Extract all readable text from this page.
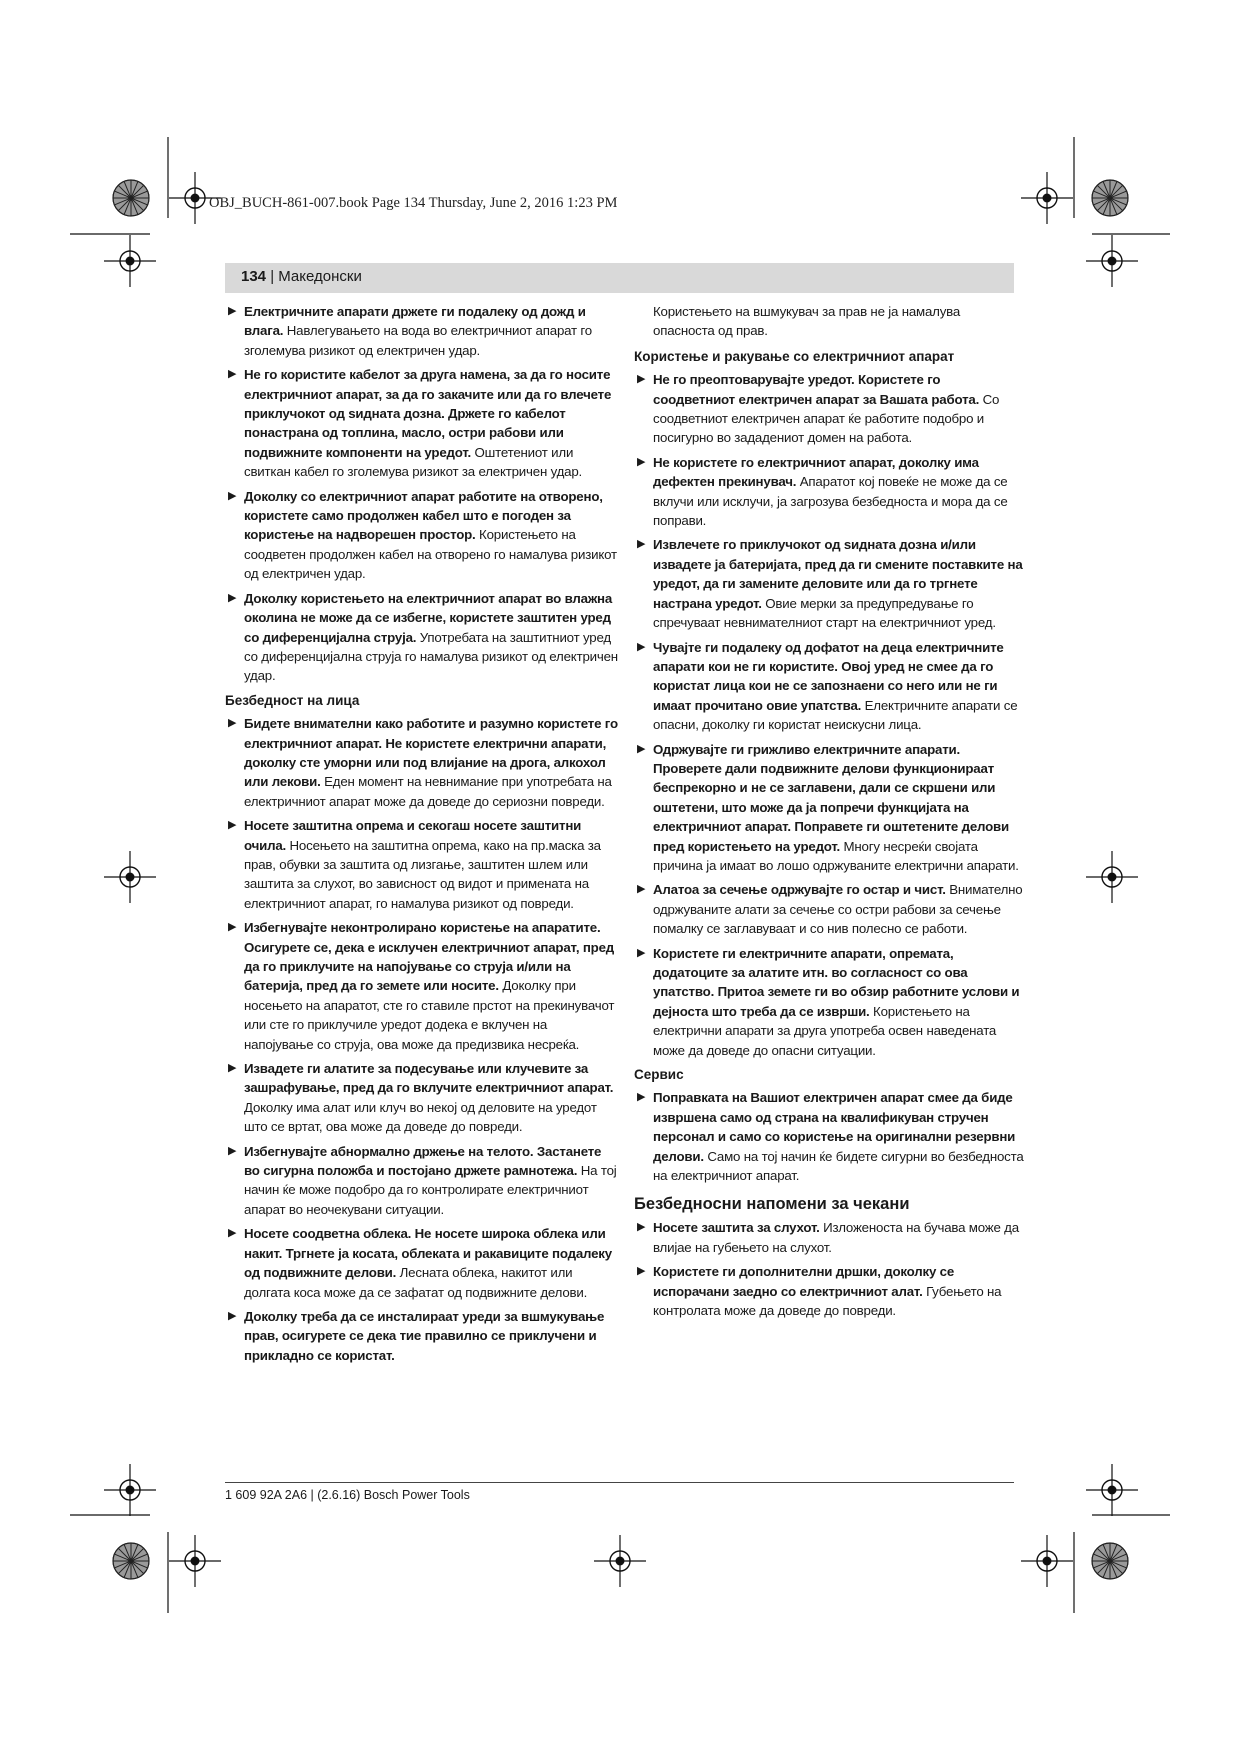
OBJ_BUCH-861-007.book Page 134 Thursday, June 2, 2016 1:23 PM
134 | Македонски
▶ Електричните апарати држете ги подалеку од дожд и влага. Навлегувањето на вода во електричниот апарат го зголемува ризикот од електричен удар.
▶ Не го користите кабелот за друга намена, за да го носите електричниот апарат, за да го закачите или да го влечете приклучокот од sидната дозна. Држете го кабелот понастрана од топлина, масло, остри рабови или подвижните компоненти на уредот. Оштетениот или свиткан кабел го зголемува ризикот за електричен удар.
▶ Доколку со електричниот апарат работите на отворено, користете само продолжен кабел што е погоден за користење на надворешен простор. Користењето на соодветен продолжен кабел на отворено го намалува ризикот од електричен удар.
▶ Доколку користењето на електричниот апарат во влажна околина не може да се избегне, користете заштитен уред со диференцијална струја. Употребата на заштитниот уред со диференцијална струја го намалува ризикот од електричен удар.
Безбедност на лица
▶ Бидете внимателни како работите и разумно користете го електричниот апарат. Не користете електрични апарати, доколку сте уморни или под влијание на дрога, алкохол или лекови. Еден момент на невнимание при употребата на електричниот апарат може да доведе до сериозни повреди.
▶ Носете заштитна опрема и секогаш носете заштитни очила. Носењето на заштитна опрема, како на пр.маска за прав, обувки за заштита од лизгање, заштитен шлем или заштита за слухот, во зависност од видот и примената на електричниот апарат, го намалува ризикот од повреди.
▶ Избегнувајте неконтролирано користење на апаратите. Осигурете се, дека е исклучен електричниот апарат, пред да го приклучите на напојување со струја и/или на батерија, пред да го земете или носите. Доколку при носењето на апаратот, сте го ставиле прстот на прекинувачот или сте го приклучиле уредот додека е вклучен на напојување со струја, ова може да предизвика несреќа.
▶ Извадете ги алатите за подесување или клучевите за зашрафување, пред да го вклучите електричниот апарат. Доколку има алат или клуч во некој од деловите на уредот што се вртат, ова може да доведе до повреди.
▶ Избегнувајте абнормално држење на телото. Застанете во сигурна положба и постојано држете рамнотежа. На тој начин ќе може подобро да го контролирате електричниот апарат во неочекувани ситуации.
▶ Носете соодветна облека. Не носете широка облека или накит. Тргнете ја косата, облеката и ракавиците подалеку од подвижните делови. Лесната облека, накитот или долгата коса може да се зафатат од подвижните делови.
▶ Доколку треба да се инсталираат уреди за вшмукување прав, осигурете се дека тие правилно се приклучени и прикладно се користат.
Користењето на вшмукувач за прав не ја намалува опасноста од прав.
Користење и ракување со електричниот апарат
▶ Не го преоптоварувајте уредот. Користете го соодветниот електричен апарат за Вашата работа. Со соодветниот електричен апарат ќе работите подобро и посигурно во зададениот домен на работа.
▶ Не користете го електричниот апарат, доколку има дефектен прекинувач. Апаратот кој повеќе не може да се вклучи или исклучи, ја загрозува безбедноста и мора да се поправи.
▶ Извлечете го приклучокот од sидната дозна и/или извадете ја батеријата, пред да ги смените поставките на уредот, да ги замените деловите или да го тргнете настрана уредот. Овие мерки за предупредување го спречуваат невнимателниот старт на електричниот уред.
▶ Чувајте ги подалеку од дофатот на деца електричните апарати кои не ги користите. Овој уред не смее да го користат лица кои не се запознаени со него или не ги имаат прочитано овие упатства. Електричните апарати се опасни, доколку ги користат неискусни лица.
▶ Одржувајте ги грижливо електричните апарати. Проверете дали подвижните делови функционираат беспрекорно и не се заглавени, дали се скршени или оштетени, што може да ја попречи функцијата на електричниот апарат. Поправете ги оштетените делови пред користењето на уредот. Многу несреќи својата причина ја имаат во лошо одржуваните електрични апарати.
▶ Алатоа за сечење одржувајте го остар и чист. Внимателно одржуваните алати за сечење со остри рабови за сечење помалку се заглавуваат и со нив полесно се работи.
▶ Користете ги електричните апарати, опремата, додатоците за алатите итн. во согласност со ова упатство. Притоа земете ги во обзир работните услови и дејноста што треба да се изврши. Користењето на електрични апарати за друга употреба освен наведената може да доведе до опасни ситуации.
Сервис
▶ Поправката на Вашиот електричен апарат смее да биде извршена само од страна на квалификуван стручен персонал и само со користење на оригинални резервни делови. Само на тој начин ќе бидете сигурни во безбедноста на електричниот апарат.
Безбедносни напомени за чекани
▶ Носете заштита за слухот. Изложеноста на бучава може да влијае на губењето на слухот.
▶ Користете ги дополнителни дршки, доколку се испорачани заедно со електричниот алат. Губењето на контролата може да доведе до повреди.
1 609 92A 2A6 | (2.6.16) Bosch Power Tools
